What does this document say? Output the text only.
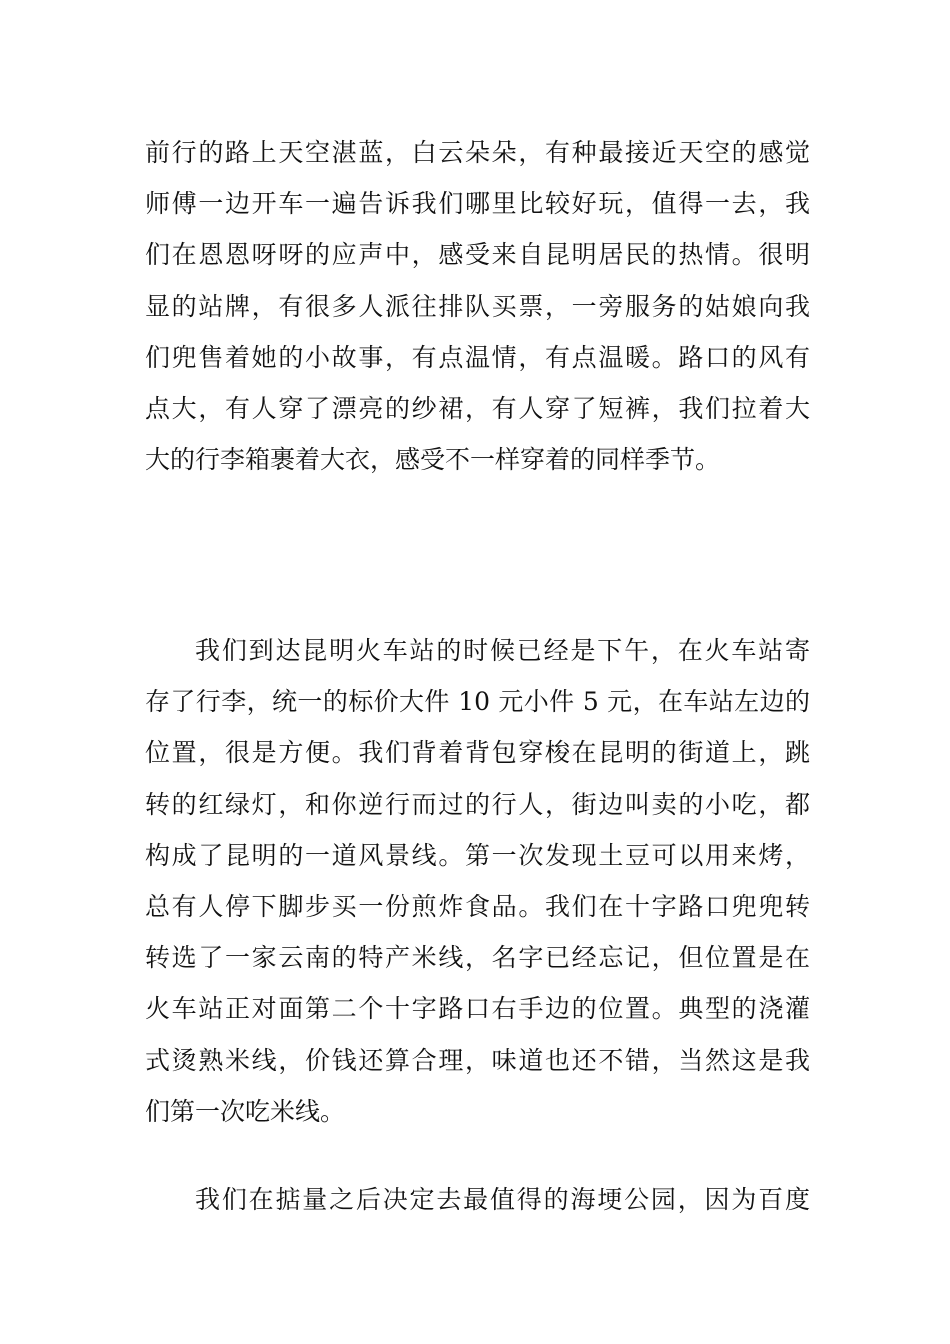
前行的路上天空湛蓝，白云朵朵，有种最接近天空的感觉
师傅一边开车一遍告诉我们哪里比较好玩，值得一去，我
们在恩恩呀呀的应声中，感受来自昆明居民的热情。很明
显的站牌，有很多人派往排队买票，一旁服务的姑娘向我
们兜售着她的小故事，有点温情，有点温暖。路口的风有
点大，有人穿了漂亮的纱裙，有人穿了短裤，我们拉着大
大的行李箱裹着大衣，感受不一样穿着的同样季节。
我们到达昆明火车站的时候已经是下午，在火车站寄
存了行李，统一的标价大件 10 元小件 5 元，在车站左边的
位置，很是方便。我们背着背包穿梭在昆明的街道上，跳
转的红绿灯，和你逆行而过的行人，街边叫卖的小吃，都
构成了昆明的一道风景线。第一次发现土豆可以用来烤，
总有人停下脚步买一份煎炸食品。我们在十字路口兜兜转
转选了一家云南的特产米线，名字已经忘记，但位置是在
火车站正对面第二个十字路口右手边的位置。典型的浇灌
式烫熟米线，价钱还算合理，味道也还不错，当然这是我
们第一次吃米线。
我们在掂量之后决定去最值得的海埂公园，因为百度
